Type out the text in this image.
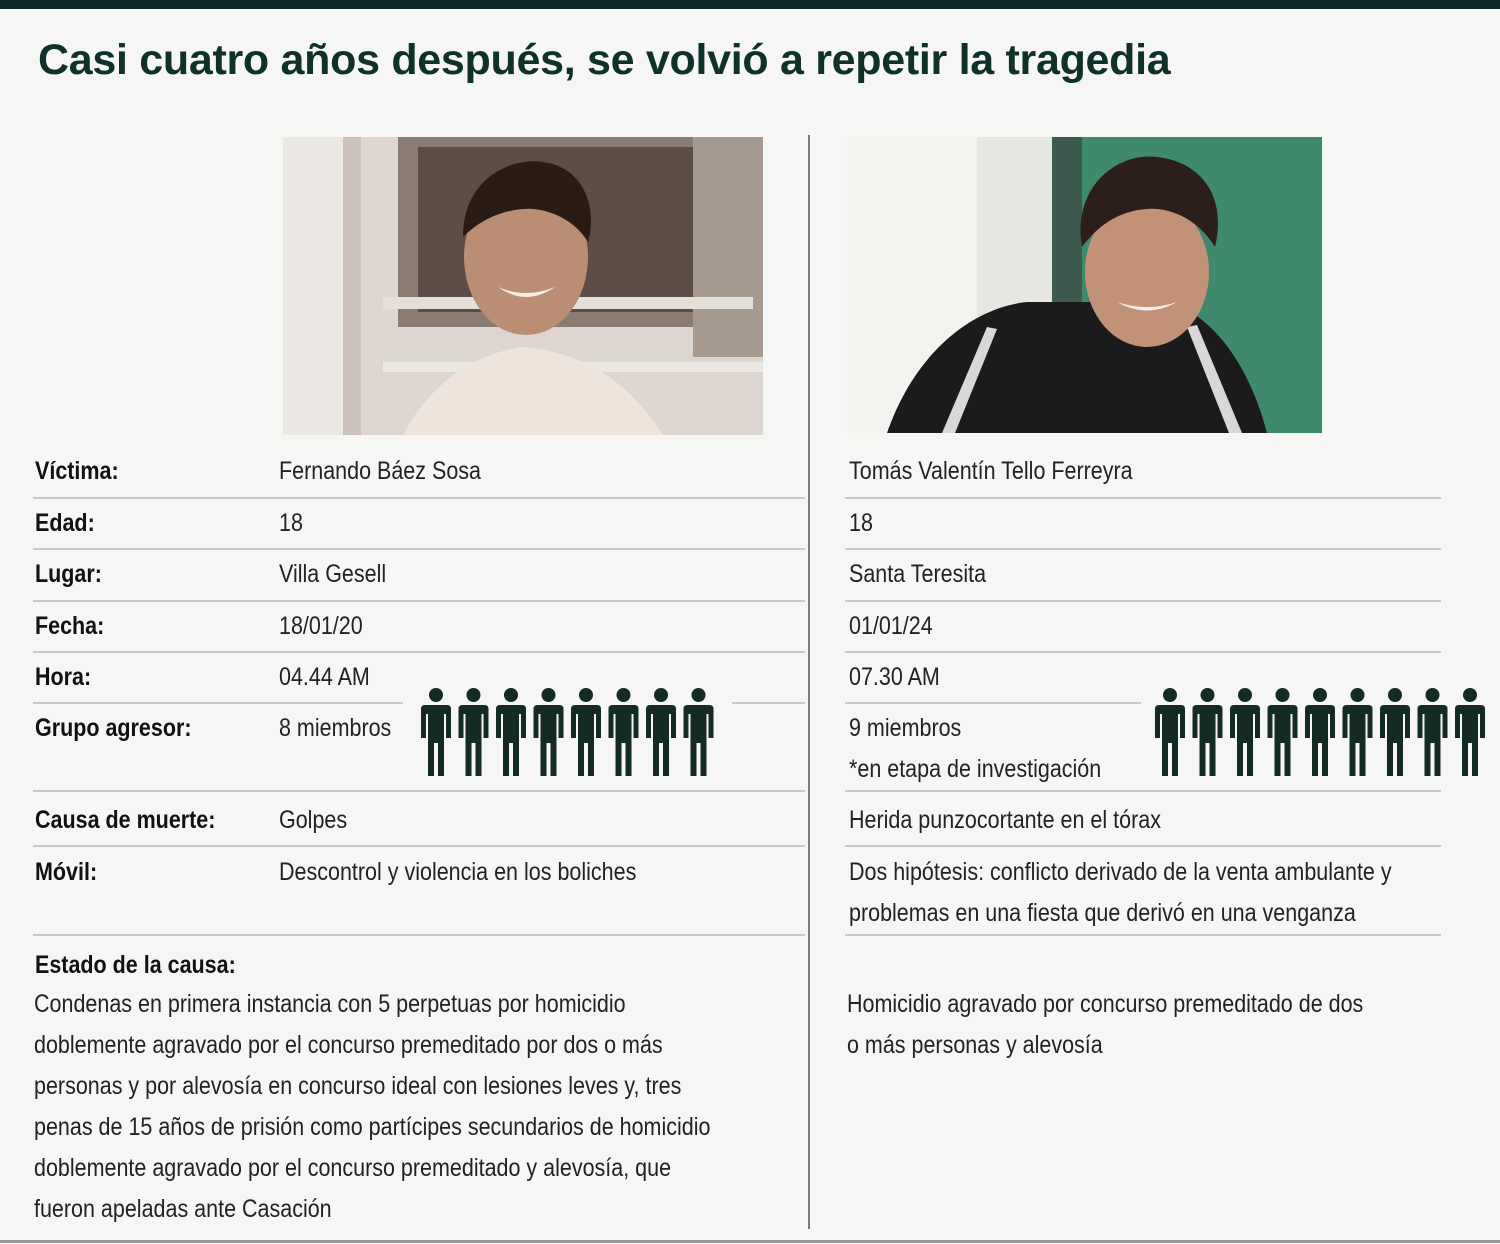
Casi cuatro años después, se volvió a repetir la tragedia
Víctima:	Fernando Báez Sosa	Tomás Valentín Tello Ferreyra
Edad:	18	18
Lugar:	Villa Gesell	Santa Teresita
Fecha:	18/01/20	01/01/24
Hora:	04.44 AM	07.30 AM
Grupo agresor:	8 miembros	9 miembros
*en etapa de investigación
Causa de muerte:	Golpes	Herida punzocortante en el tórax
Móvil:	Descontrol y violencia en los boliches	Dos hipótesis: conflicto derivado de la venta ambulante y
problemas en una fiesta que derivó en una venganza
Estado de la causa:
Condenas en primera instancia con 5 perpetuas por homicidio
doblemente agravado por el concurso premeditado por dos o más
personas y por alevosía en concurso ideal con lesiones leves y, tres
penas de 15 años de prisión como partícipes secundarios de homicidio
doblemente agravado por el concurso premeditado y alevosía, que
fueron apeladas ante Casación
Homicidio agravado por concurso premeditado de dos
o más personas y alevosía
